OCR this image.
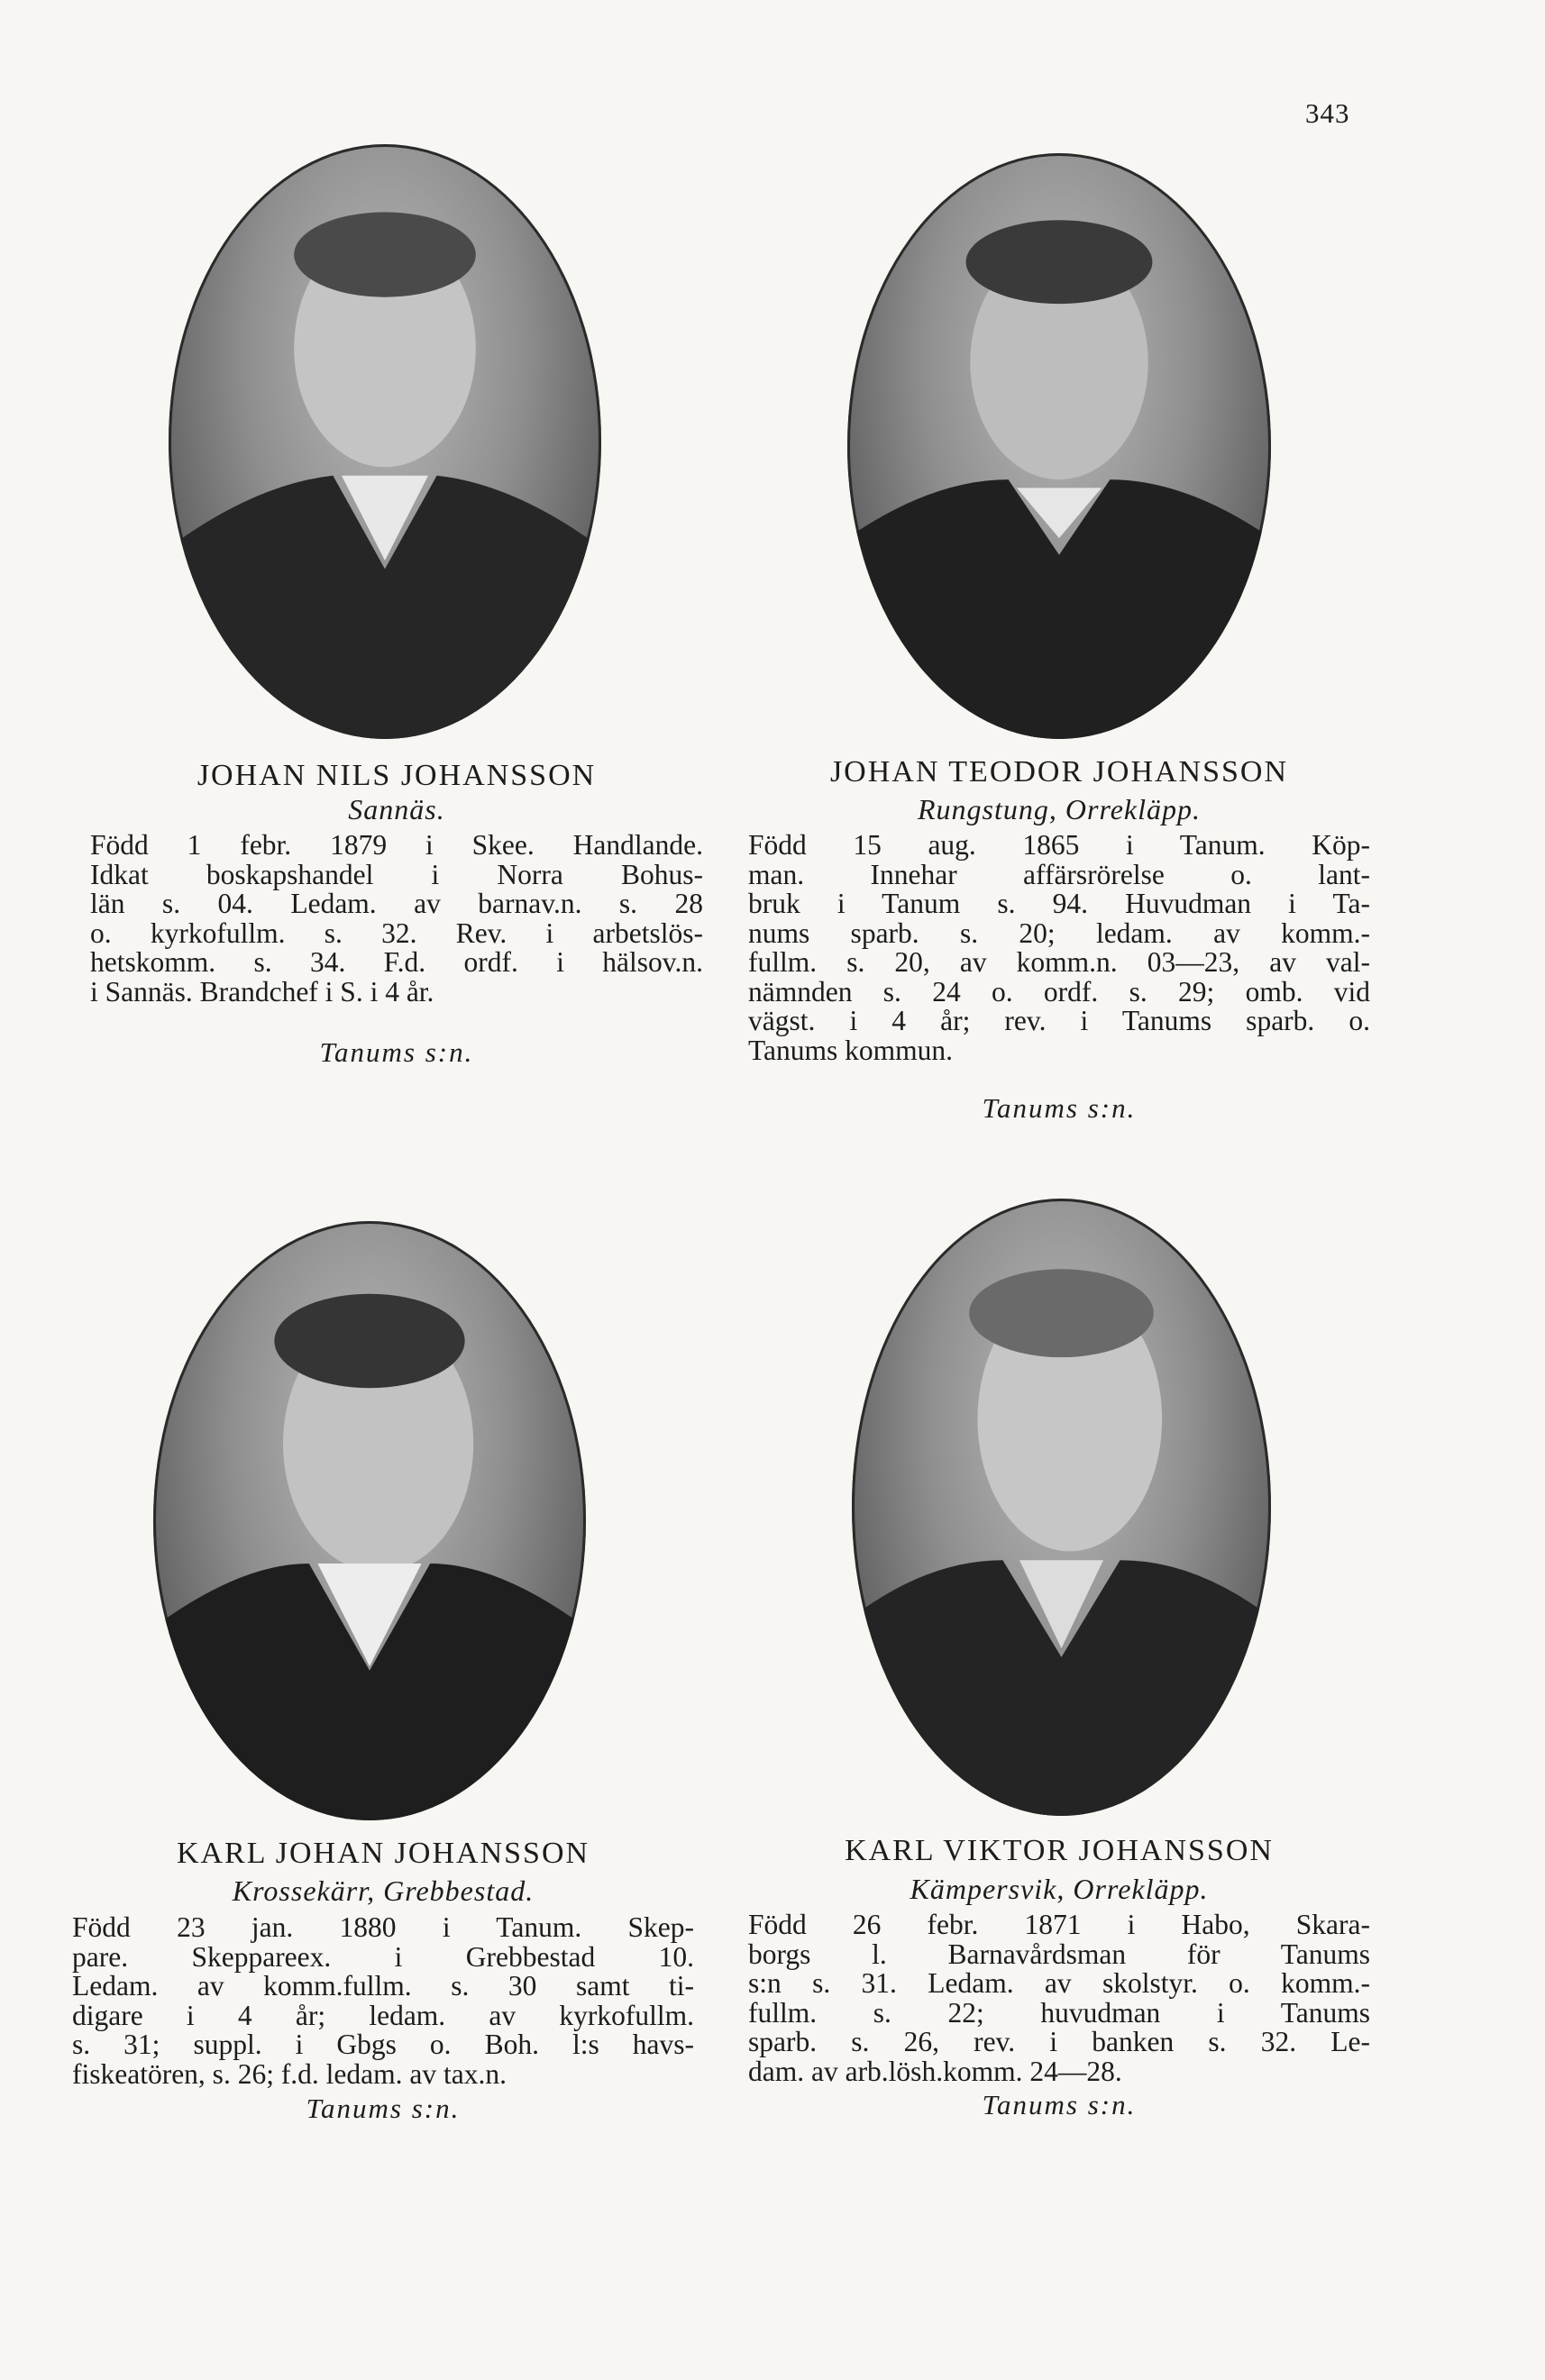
343
JOHAN NILS JOHANSSON
Sannäs.
Född 1 febr. 1879 i Skee. Handlande.
Idkat boskapshandel i Norra Bohus-
län s. 04. Ledam. av barnav.n. s. 28
o. kyrkofullm. s. 32. Rev. i arbetslös-
hetskomm. s. 34. F.d. ordf. i hälsov.n.
i Sannäs. Brandchef i S. i 4 år.
Tanums s:n.
JOHAN TEODOR JOHANSSON
Rungstung, Orrekläpp.
Född 15 aug. 1865 i Tanum. Köp-
man. Innehar affärsrörelse o. lant-
bruk i Tanum s. 94. Huvudman i Ta-
nums sparb. s. 20; ledam. av komm.-
fullm. s. 20, av komm.n. 03—23, av val-
nämnden s. 24 o. ordf. s. 29; omb. vid
vägst. i 4 år; rev. i Tanums sparb. o.
Tanums kommun.
Tanums s:n.
KARL JOHAN JOHANSSON
Krossekärr, Grebbestad.
Född 23 jan. 1880 i Tanum. Skep-
pare. Skeppareex. i Grebbestad 10.
Ledam. av komm.fullm. s. 30 samt ti-
digare i 4 år; ledam. av kyrkofullm.
s. 31; suppl. i Gbgs o. Boh. l:s havs-
fiskeatören, s. 26; f.d. ledam. av tax.n.
Tanums s:n.
KARL VIKTOR JOHANSSON
Kämpersvik, Orrekläpp.
Född 26 febr. 1871 i Habo, Skara-
borgs l. Barnavårdsman för Tanums
s:n s. 31. Ledam. av skolstyr. o. komm.-
fullm. s. 22; huvudman i Tanums
sparb. s. 26, rev. i banken s. 32. Le-
dam. av arb.lösh.komm. 24—28.
Tanums s:n.
